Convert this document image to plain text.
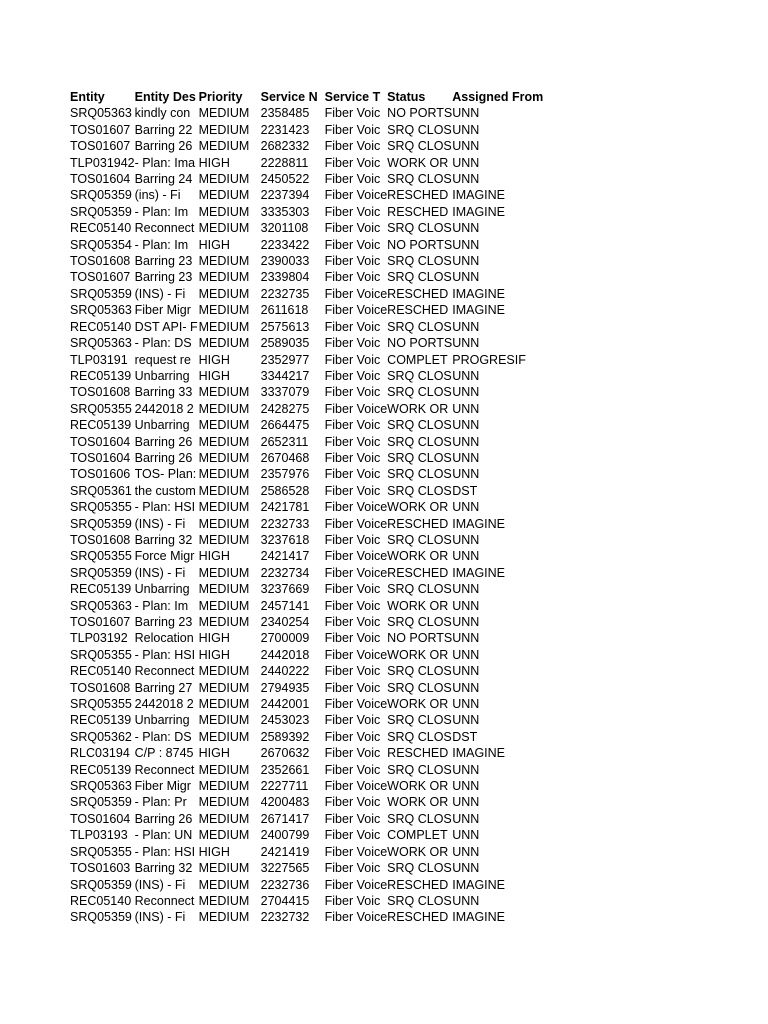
Entity	Entity Des	Priority	Service N	Service T	Status	Assigned From
SRQ05363	kindly con	MEDIUM	2358485	Fiber Voic	NO PORTS	UNN
TOS01607	Barring 22	MEDIUM	2231423	Fiber Voic	SRQ CLOS	UNN
TOS01607	Barring 26	MEDIUM	2682332	Fiber Voic	SRQ CLOS	UNN
TLP031942	- Plan: Ima	HIGH	2228811	Fiber Voic	WORK OR	UNN
TOS01604	Barring 24	MEDIUM	2450522	Fiber Voic	SRQ CLOS	UNN
SRQ05359	(ins) - Fi	MEDIUM	2237394	Fiber Voice	RESCHED	IMAGINE
SRQ05359	- Plan: Im	MEDIUM	3335303	Fiber Voic	RESCHED	IMAGINE
REC05140	Reconnect	MEDIUM	3201108	Fiber Voic	SRQ CLOS	UNN
SRQ05354	- Plan: Im	HIGH	2233422	Fiber Voic	NO PORTS	UNN
TOS01608	Barring 23	MEDIUM	2390033	Fiber Voic	SRQ CLOS	UNN
TOS01607	Barring 23	MEDIUM	2339804	Fiber Voic	SRQ CLOS	UNN
SRQ05359	(INS) - Fi	MEDIUM	2232735	Fiber Voice	RESCHED	IMAGINE
SRQ05363	Fiber Migr	MEDIUM	2611618	Fiber Voice	RESCHED	IMAGINE
REC05140	DST API- F	MEDIUM	2575613	Fiber Voic	SRQ CLOS	UNN
SRQ05363	- Plan: DS	MEDIUM	2589035	Fiber Voic	NO PORTS	UNN
TLP03191	request re	HIGH	2352977	Fiber Voic	COMPLET	PROGRESIF
REC05139	Unbarring	HIGH	3344217	Fiber Voic	SRQ CLOS	UNN
TOS01608	Barring 33	MEDIUM	3337079	Fiber Voic	SRQ CLOS	UNN
SRQ05355	2442018 2	MEDIUM	2428275	Fiber Voice	WORK OR	UNN
REC05139	Unbarring	MEDIUM	2664475	Fiber Voic	SRQ CLOS	UNN
TOS01604	Barring 26	MEDIUM	2652311	Fiber Voic	SRQ CLOS	UNN
TOS01604	Barring 26	MEDIUM	2670468	Fiber Voic	SRQ CLOS	UNN
TOS01606	TOS- Plan:	MEDIUM	2357976	Fiber Voic	SRQ CLOS	UNN
SRQ05361	the custom	MEDIUM	2586528	Fiber Voic	SRQ CLOS	DST
SRQ05355	- Plan: HSI	MEDIUM	2421781	Fiber Voice	WORK OR	UNN
SRQ05359	(INS) - Fi	MEDIUM	2232733	Fiber Voice	RESCHED	IMAGINE
TOS01608	Barring 32	MEDIUM	3237618	Fiber Voic	SRQ CLOS	UNN
SRQ05355	Force Migr	HIGH	2421417	Fiber Voice	WORK OR	UNN
SRQ05359	(INS) - Fi	MEDIUM	2232734	Fiber Voice	RESCHED	IMAGINE
REC05139	Unbarring	MEDIUM	3237669	Fiber Voic	SRQ CLOS	UNN
SRQ05363	- Plan: Im	MEDIUM	2457141	Fiber Voic	WORK OR	UNN
TOS01607	Barring 23	MEDIUM	2340254	Fiber Voic	SRQ CLOS	UNN
TLP03192	Relocation	HIGH	2700009	Fiber Voic	NO PORTS	UNN
SRQ05355	- Plan: HSI	HIGH	2442018	Fiber Voice	WORK OR	UNN
REC05140	Reconnect	MEDIUM	2440222	Fiber Voic	SRQ CLOS	UNN
TOS01608	Barring 27	MEDIUM	2794935	Fiber Voic	SRQ CLOS	UNN
SRQ05355	2442018 2	MEDIUM	2442001	Fiber Voice	WORK OR	UNN
REC05139	Unbarring	MEDIUM	2453023	Fiber Voic	SRQ CLOS	UNN
SRQ05362	- Plan: DS	MEDIUM	2589392	Fiber Voic	SRQ CLOS	DST
RLC03194	C/P : 8745	HIGH	2670632	Fiber Voic	RESCHED	IMAGINE
REC05139	Reconnect	MEDIUM	2352661	Fiber Voic	SRQ CLOS	UNN
SRQ05363	Fiber Migr	MEDIUM	2227711	Fiber Voice	WORK OR	UNN
SRQ05359	- Plan: Pr	MEDIUM	4200483	Fiber Voic	WORK OR	UNN
TOS01604	Barring 26	MEDIUM	2671417	Fiber Voic	SRQ CLOS	UNN
TLP03193	- Plan: UN	MEDIUM	2400799	Fiber Voic	COMPLET	UNN
SRQ05355	- Plan: HSI	HIGH	2421419	Fiber Voice	WORK OR	UNN
TOS01603	Barring 32	MEDIUM	3227565	Fiber Voic	SRQ CLOS	UNN
SRQ05359	(INS) - Fi	MEDIUM	2232736	Fiber Voice	RESCHED	IMAGINE
REC05140	Reconnect	MEDIUM	2704415	Fiber Voic	SRQ CLOS	UNN
SRQ05359	(INS) - Fi	MEDIUM	2232732	Fiber Voice	RESCHED	IMAGINE
